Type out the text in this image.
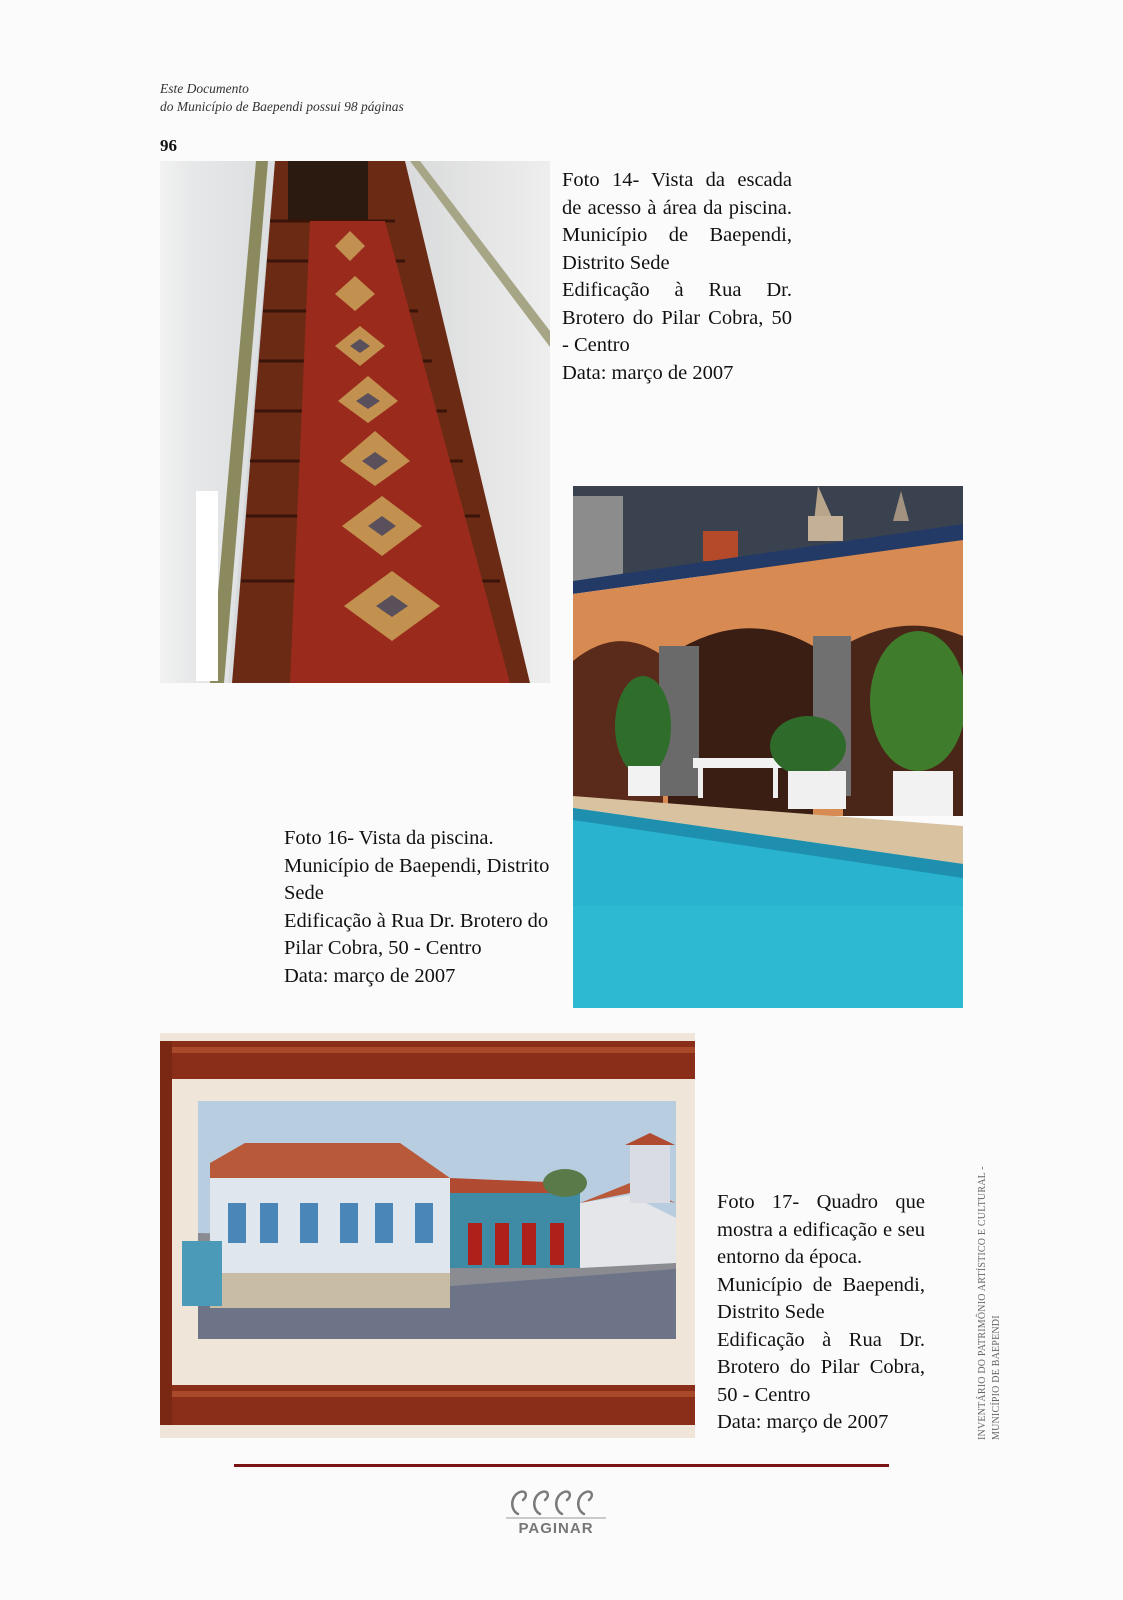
Este Documento
do Município de Baependi possui 98 páginas
96
Foto 14- Vista da escada
de acesso à área da piscina.
Município de Baependi,
Distrito Sede
Edificação à Rua Dr.
Brotero do Pilar Cobra, 50
- Centro
Data: março de 2007
Foto 16- Vista da piscina.
Município de Baependi, Distrito
Sede
Edificação à Rua Dr. Brotero do
Pilar Cobra, 50 - Centro
Data: março de 2007
Foto 17- Quadro que
mostra a edificação e seu
entorno da época.
Município de Baependi,
Distrito Sede
Edificação à Rua Dr.
Brotero do Pilar Cobra,
50 - Centro
Data: março de 2007	INVENTÁRIO DO PATRIMÔNIO ARTÍSTICO E CULTURAL - MUNICÍPIO DE BAEPENDI
PAGINAR
